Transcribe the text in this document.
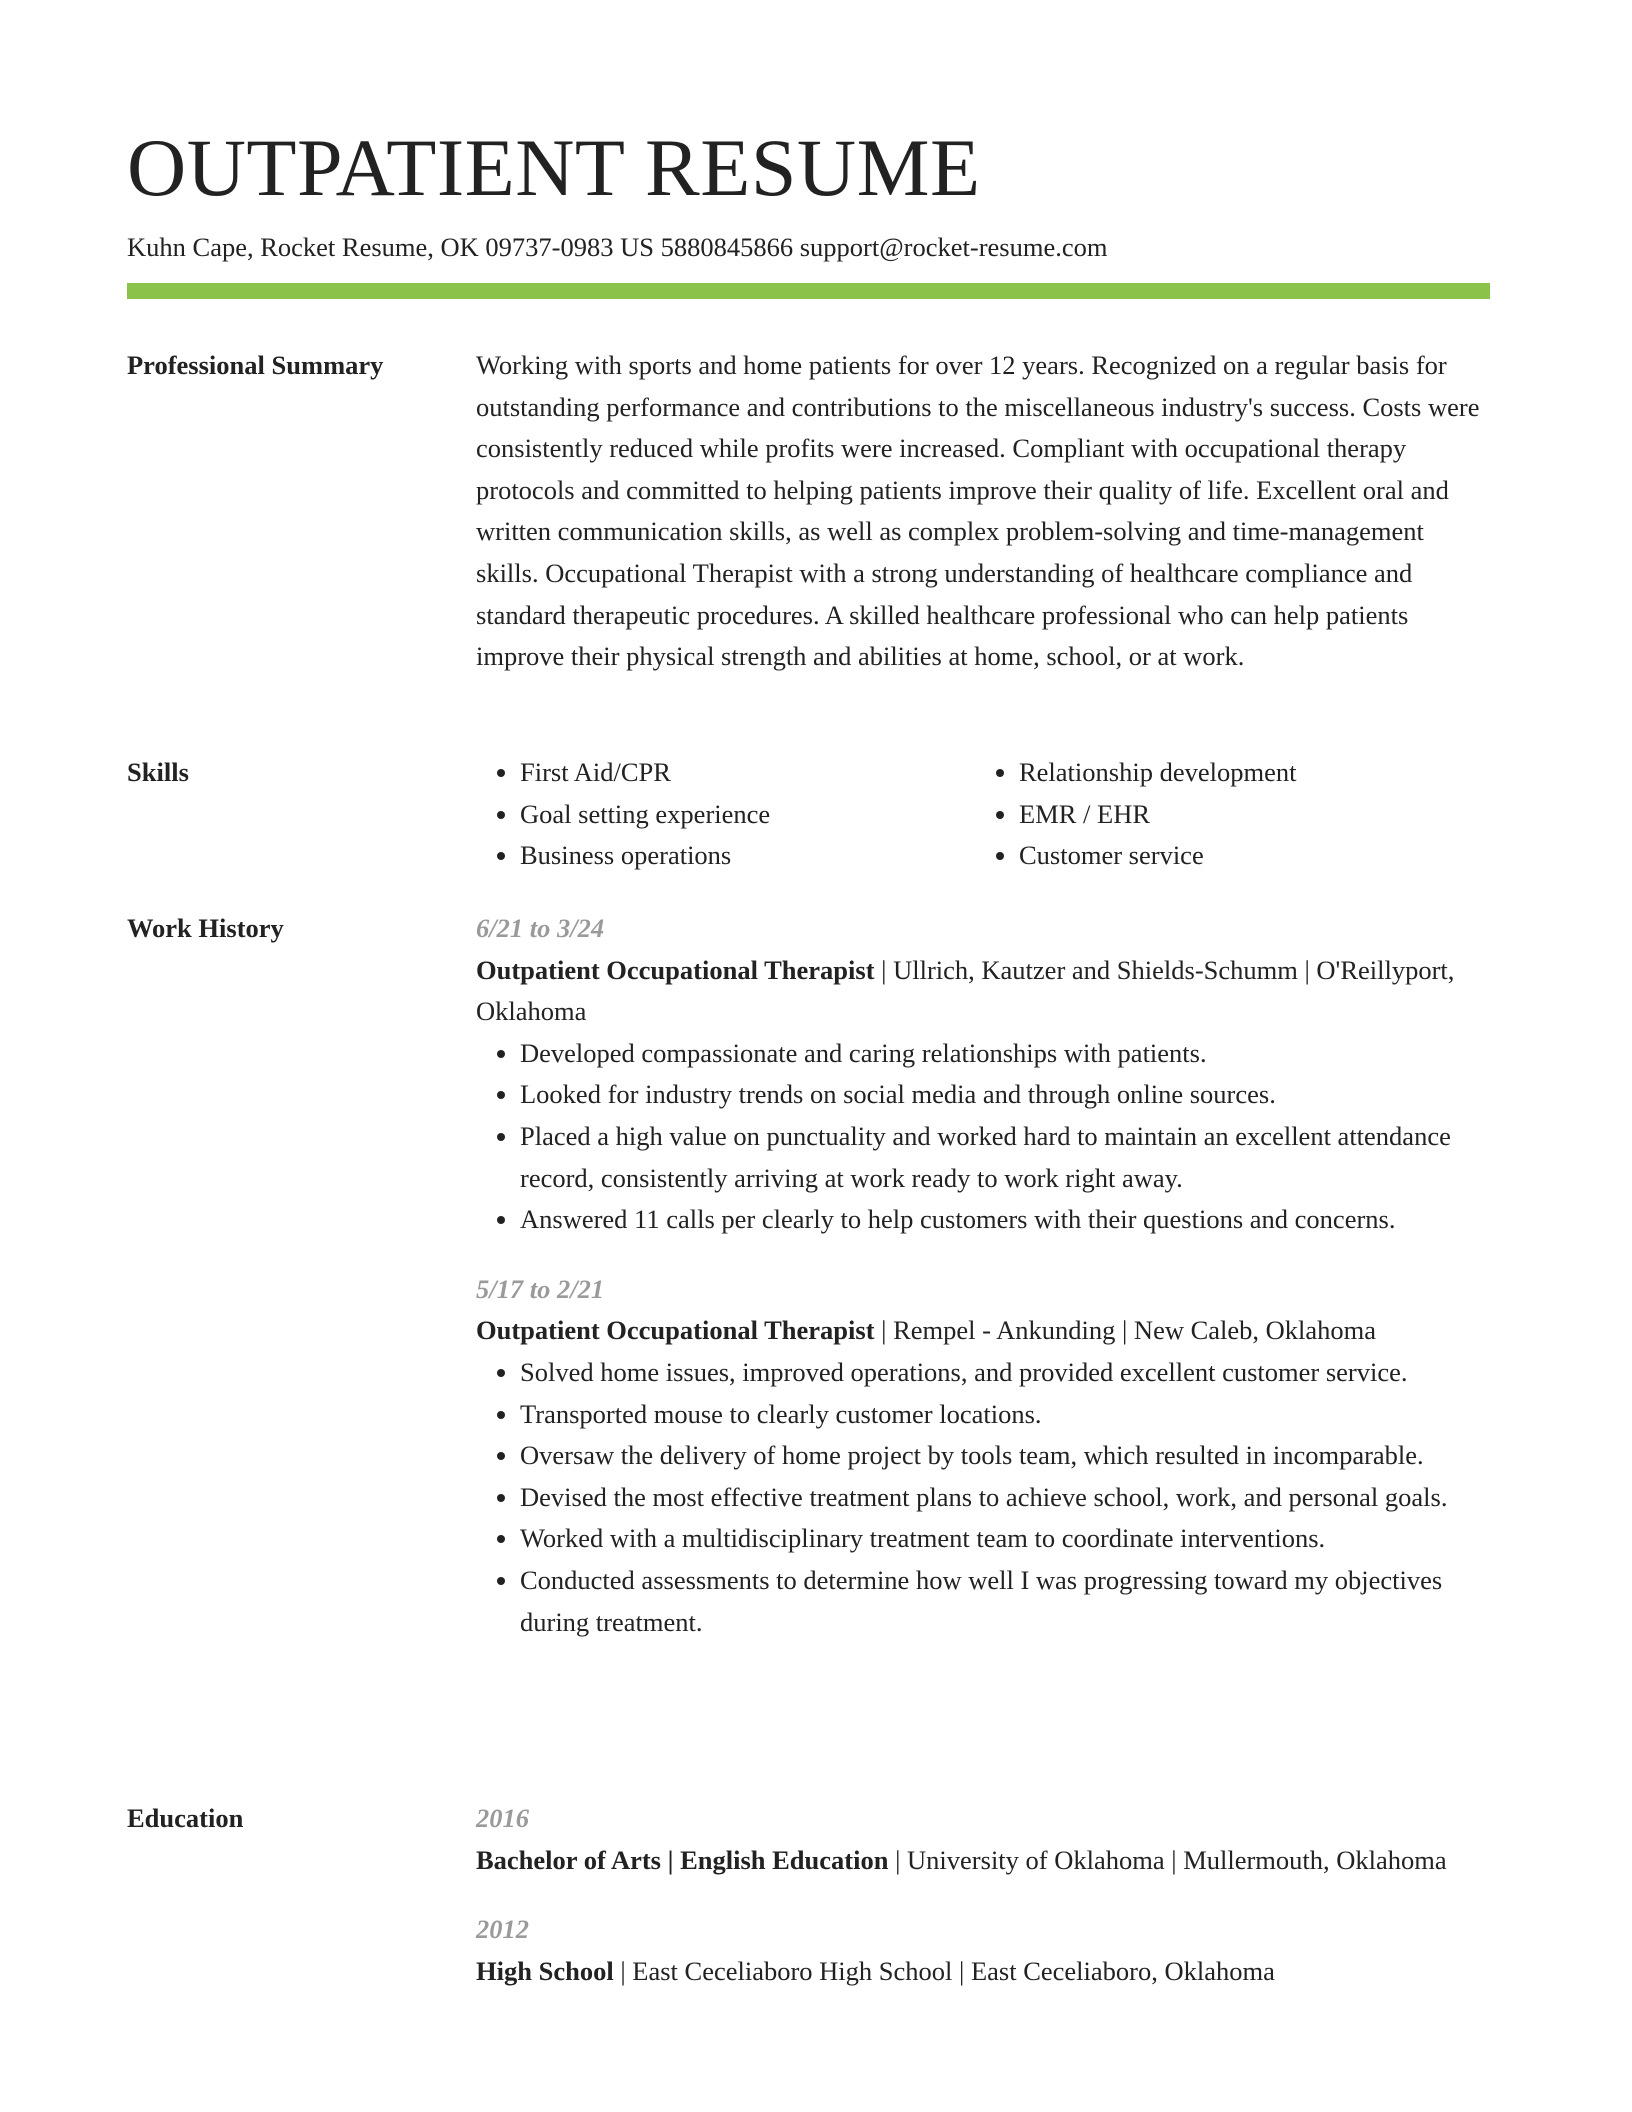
OUTPATIENT RESUME
Kuhn Cape, Rocket Resume, OK 09737-0983 US 5880845866 support@rocket-resume.com
Professional Summary	Working with sports and home patients for over 12 years. Recognized on a regular basis for outstanding performance and contributions to the miscellaneous industry's success. Costs were consistently reduced while profits were increased. Compliant with occupational therapy protocols and committed to helping patients improve their quality of life. Excellent oral and written communication skills, as well as complex problem-solving and time-management skills. Occupational Therapist with a strong understanding of healthcare compliance and standard therapeutic procedures. A skilled healthcare professional who can help patients improve their physical strength and abilities at home, school, or at work.

Skills
•	First Aid/CPR
• Goal setting experience
• Business operations
• Relationship development
• EMR / EHR
• Customer service
Work History	6/21 to 3/24
Outpatient Occupational Therapist | Ullrich, Kautzer and Shields-Schumm | O'Reillyport, Oklahoma
• Developed compassionate and caring relationships with patients.
• Looked for industry trends on social media and through online sources.
• Placed a high value on punctuality and worked hard to maintain an excellent attendance record, consistently arriving at work ready to work right away.
• Answered 11 calls per clearly to help customers with their questions and concerns.
5/17 to 2/21
Outpatient Occupational Therapist | Rempel - Ankunding | New Caleb, Oklahoma
• Solved home issues, improved operations, and provided excellent customer service.
• Transported mouse to clearly customer locations.
• Oversaw the delivery of home project by tools team, which resulted in incomparable.
• Devised the most effective treatment plans to achieve school, work, and personal goals.
• Worked with a multidisciplinary treatment team to coordinate interventions.
• Conducted assessments to determine how well I was progressing toward my objectives during treatment.
Education	2016
Bachelor of Arts | English Education | University of Oklahoma | Mullermouth, Oklahoma
2012
High School | East Ceceliaboro High School | East Ceceliaboro, Oklahoma
